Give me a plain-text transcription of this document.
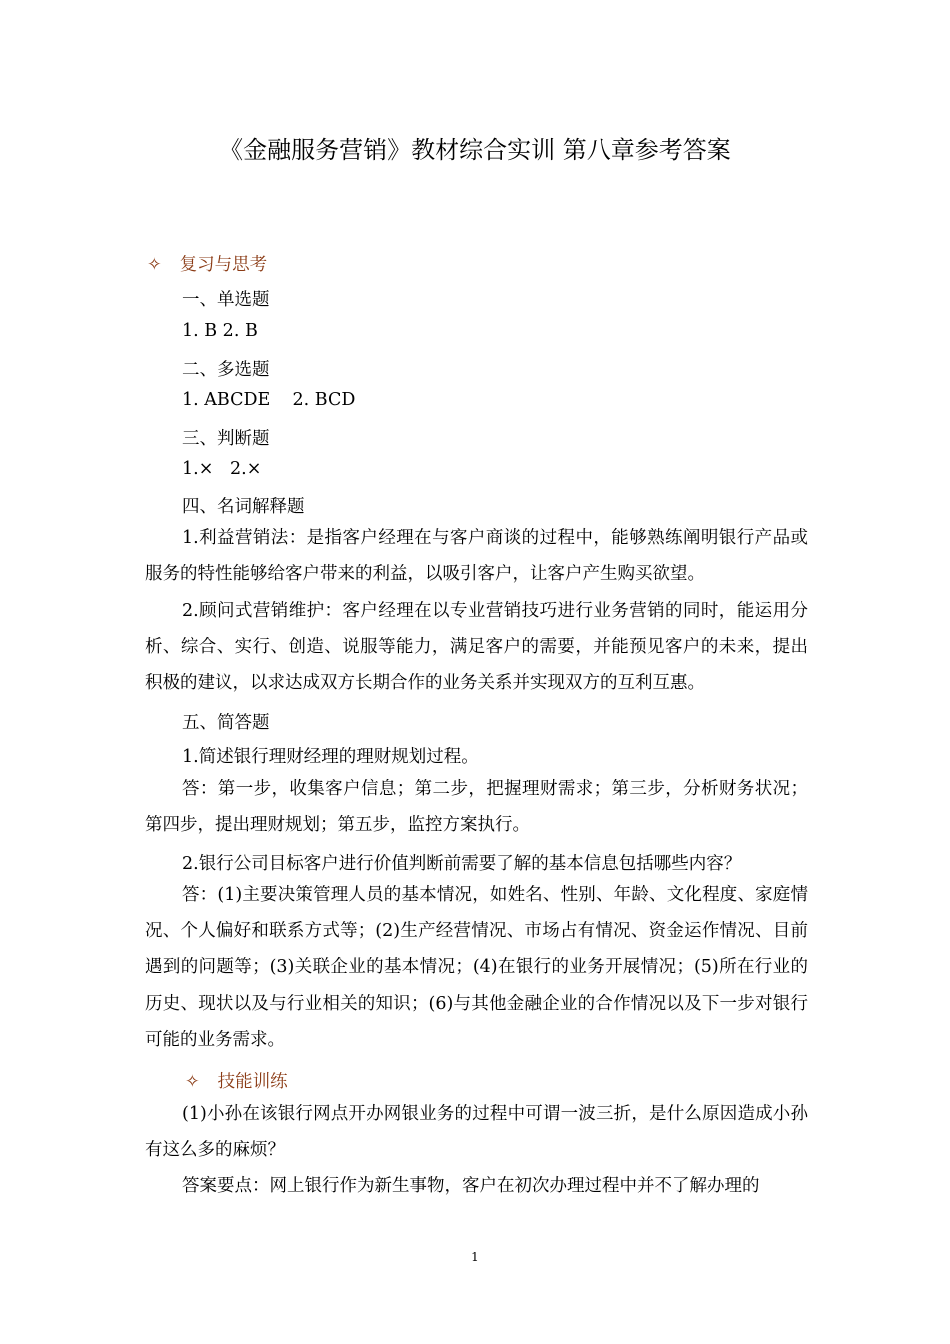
《金融服务营销》教材综合实训 第八章参考答案
✧ 复习与思考
一、单选题
1. B 2. B
二、多选题
1. ABCDE    2. BCD
三、判断题
1.×   2.×
四、名词解释题
1.利益营销法：是指客户经理在与客户商谈的过程中，能够熟练阐明银行产品或服务的特性能够给客户带来的利益，以吸引客户，让客户产生购买欲望。
2.顾问式营销维护：客户经理在以专业营销技巧进行业务营销的同时，能运用分析、综合、实行、创造、说服等能力，满足客户的需要，并能预见客户的未来，提出积极的建议，以求达成双方长期合作的业务关系并实现双方的互利互惠。
五、简答题
1.简述银行理财经理的理财规划过程。
答：第一步，收集客户信息；第二步，把握理财需求；第三步，分析财务状况；第四步，提出理财规划；第五步，监控方案执行。
2.银行公司目标客户进行价值判断前需要了解的基本信息包括哪些内容？
答：(1)主要决策管理人员的基本情况，如姓名、性别、年龄、文化程度、家庭情况、个人偏好和联系方式等；(2)生产经营情况、市场占有情况、资金运作情况、目前遇到的问题等；(3)关联企业的基本情况；(4)在银行的业务开展情况；(5)所在行业的历史、现状以及与行业相关的知识；(6)与其他金融企业的合作情况以及下一步对银行可能的业务需求。
✧ 技能训练
(1)小孙在该银行网点开办网银业务的过程中可谓一波三折，是什么原因造成小孙有这么多的麻烦？
答案要点：网上银行作为新生事物，客户在初次办理过程中并不了解办理的
1
